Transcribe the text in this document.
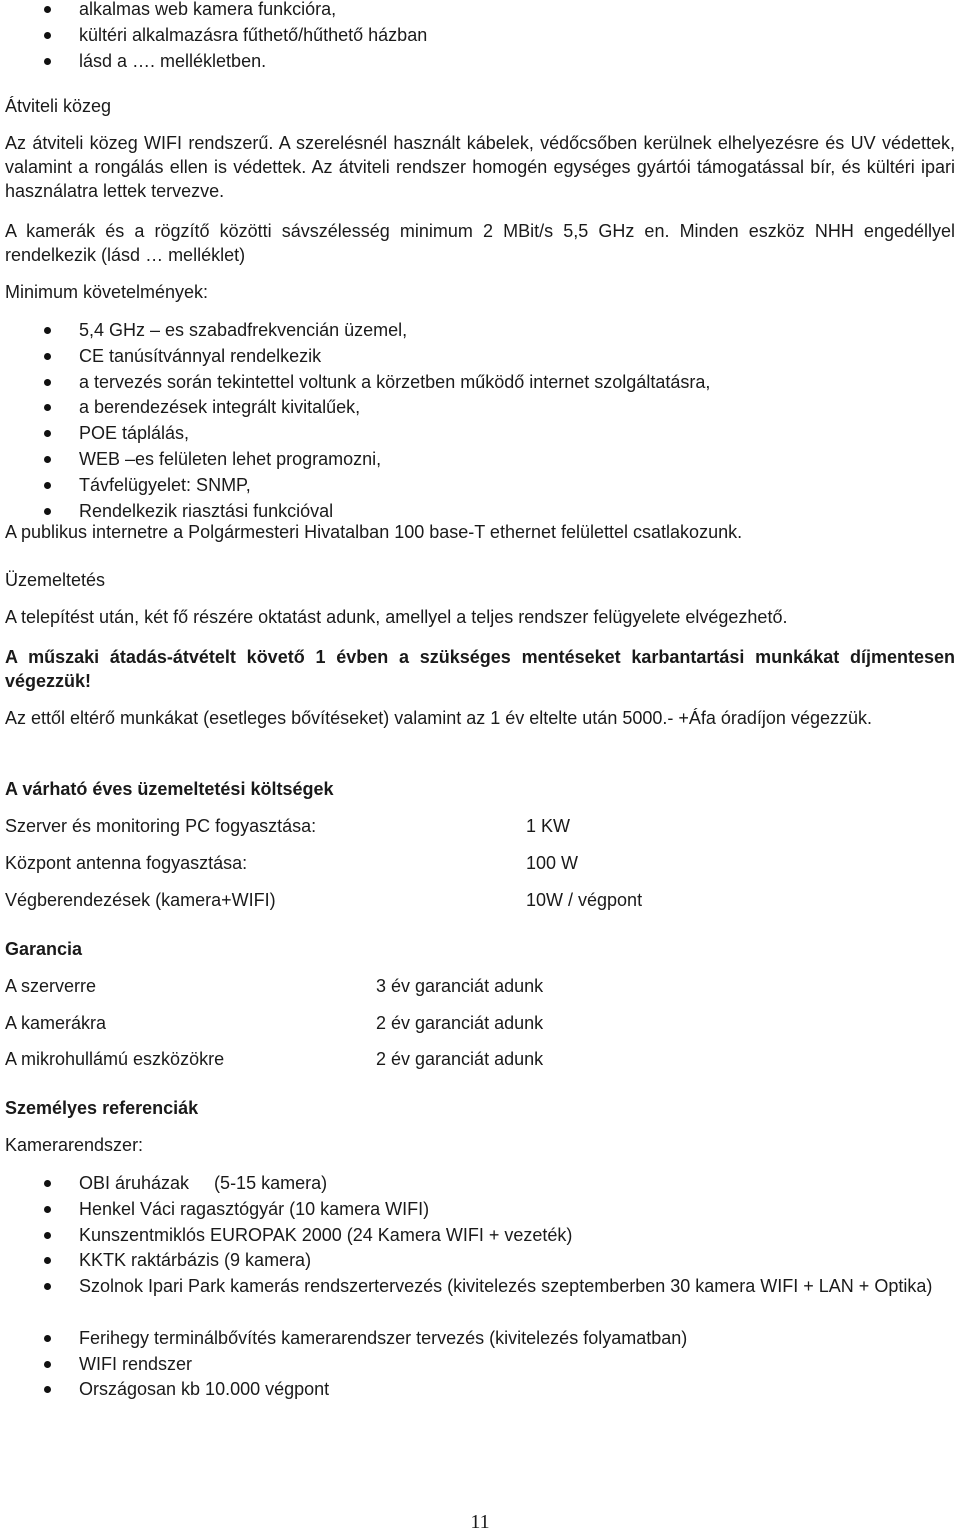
alkalmas web kamera funkcióra,
kültéri alkalmazásra fűthető/hűthető házban
lásd a …. mellékletben.
Átviteli közeg
Az átviteli közeg WIFI rendszerű. A szerelésnél használt kábelek, védőcsőben kerülnek elhelyezésre és UV védettek, valamint a rongálás ellen is védettek. Az átviteli rendszer homogén egységes gyártói támogatással bír, és kültéri ipari használatra lettek tervezve.
A kamerák és a rögzítő közötti sávszélesség minimum 2 MBit/s 5,5 GHz en. Minden eszköz NHH engedéllyel rendelkezik (lásd … melléklet)
Minimum követelmények:
5,4 GHz – es szabadfrekvencián üzemel,
CE tanúsítvánnyal rendelkezik
a tervezés során tekintettel voltunk a körzetben működő internet szolgáltatásra,
a berendezések integrált kivitalűek,
POE táplálás,
WEB –es felületen lehet programozni,
Távfelügyelet: SNMP,
Rendelkezik riasztási funkcióval
A publikus internetre a Polgármesteri Hivatalban 100 base-T ethernet felülettel csatlakozunk.
Üzemeltetés
A telepítést után, két fő részére oktatást adunk, amellyel a teljes rendszer felügyelete elvégezhető.
A műszaki átadás-átvételt követő 1 évben a szükséges mentéseket karbantartási munkákat díjmentesen végezzük!
Az ettől eltérő munkákat (esetleges bővítéseket) valamint az 1 év eltelte után 5000.- +Áfa óradíjon végezzük.
A várható éves üzemeltetési költségek
Szerver és monitoring PC fogyasztása:	1 KW
Központ antenna fogyasztása:	100 W
Végberendezések (kamera+WIFI)	10W / végpont
Garancia
A szerverre	3 év garanciát adunk
A kamerákra	2 év garanciát adunk
A mikrohullámú eszközökre	2 év garanciát adunk
Személyes referenciák
Kamerarendszer:
OBI áruházak     (5-15 kamera)
Henkel Váci ragasztógyár (10 kamera WIFI)
Kunszentmiklós EUROPAK 2000 (24 Kamera WIFI + vezeték)
KKTK raktárbázis (9 kamera)
Szolnok Ipari Park kamerás rendszertervezés (kivitelezés szeptemberben 30 kamera WIFI + LAN + Optika)
Ferihegy terminálbővítés kamerarendszer tervezés (kivitelezés folyamatban)
WIFI rendszer
Országosan kb 10.000 végpont
11
